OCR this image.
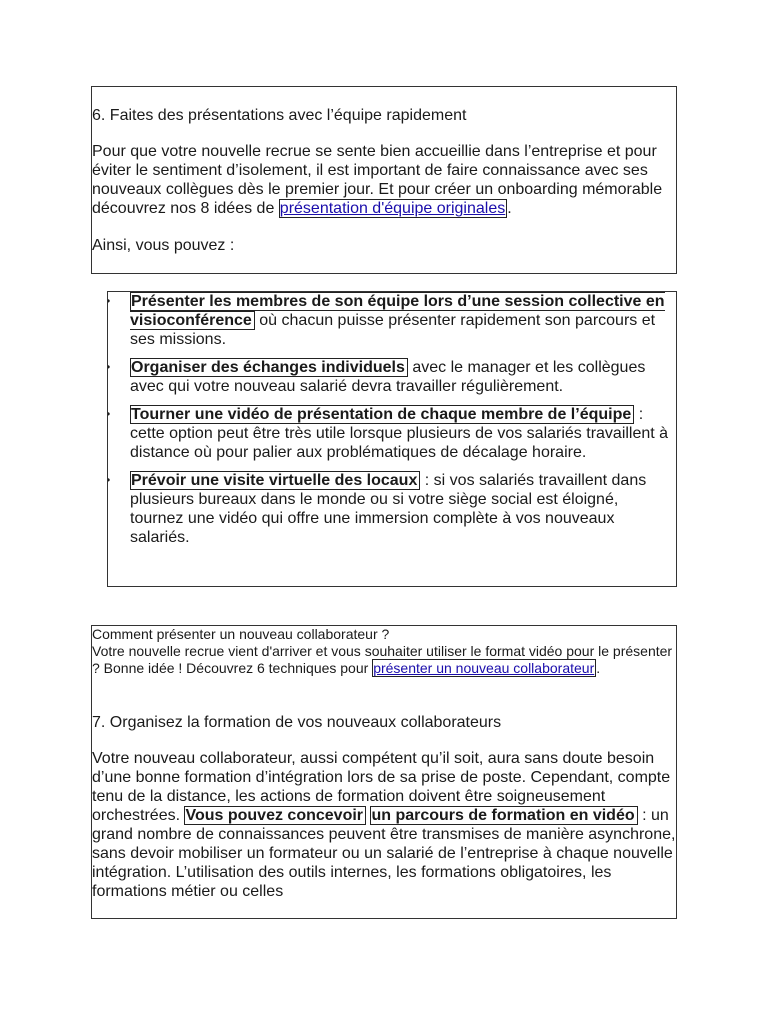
6. Faites des présentations avec l’équipe rapidement

Pour que votre nouvelle recrue se sente bien accueillie dans l’entreprise et pour éviter le sentiment d’isolement, il est important de faire connaissance avec ses nouveaux collègues dès le premier jour. Et pour créer un onboarding mémorable découvrez nos 8 idées de présentation d'équipe originales .

Ainsi, vous pouvez :

• Présenter les membres de son équipe lors d’une session collective en visioconférence où chacun puisse présenter rapidement son parcours et ses missions.
• Organiser des échanges individuels avec le manager et les collègues avec qui votre nouveau salarié devra travailler régulièrement.
• Tourner une vidéo de présentation de chaque membre de l’équipe : cette option peut être très utile lorsque plusieurs de vos salariés travaillent à distance où pour palier aux problématiques de décalage horaire.
• Prévoir une visite virtuelle des locaux : si vos salariés travaillent dans plusieurs bureaux dans le monde ou si votre siège social est éloigné, tournez une vidéo qui offre une immersion complète à vos nouveaux salariés.

Comment présenter un nouveau collaborateur ?

Votre nouvelle recrue vient d'arriver et vous souhaiter utiliser le format vidéo pour le présenter ? Bonne idée ! Découvrez 6 techniques pour présenter un nouveau collaborateur .

7. Organisez la formation de vos nouveaux collaborateurs

Votre nouveau collaborateur, aussi compétent qu’il soit, aura sans doute besoin d’une bonne formation d’intégration lors de sa prise de poste. Cependant, compte tenu de la distance, les actions de formation doivent être soigneusement orchestrées. Vous pouvez concevoir un parcours de formation en vidéo : un grand nombre de connaissances peuvent être transmises de manière asynchrone, sans devoir mobiliser un formateur ou un salarié de l’entreprise à chaque nouvelle intégration. L’utilisation des outils internes, les formations obligatoires, les formations métier ou celles
